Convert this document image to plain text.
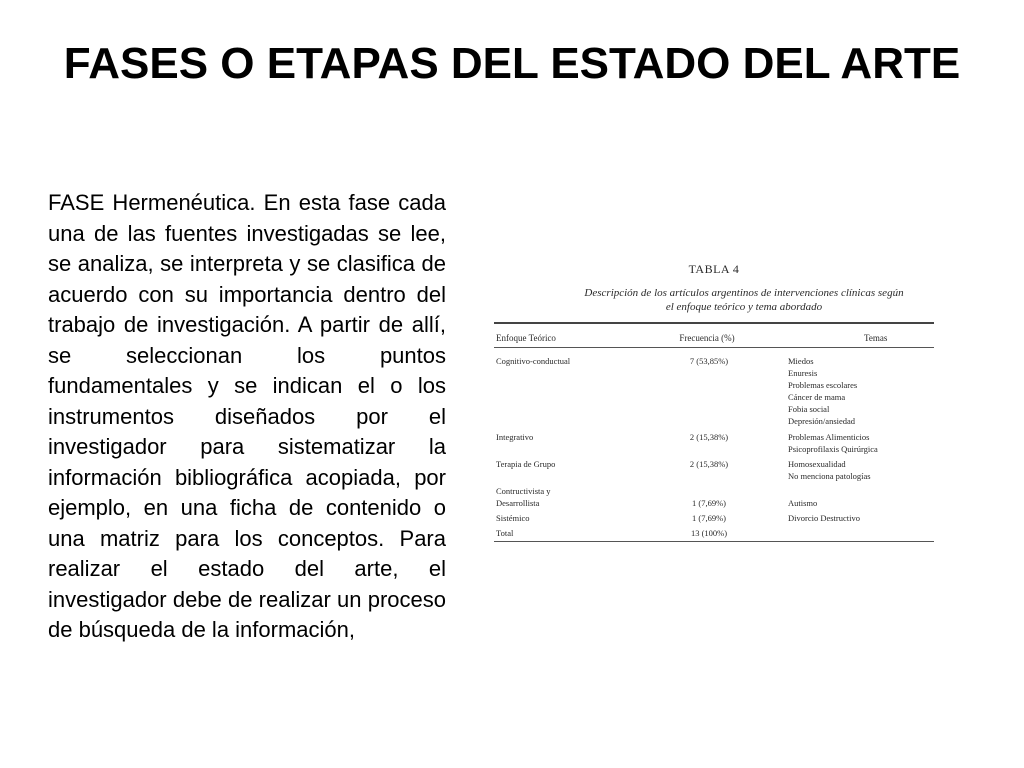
FASES O ETAPAS DEL ESTADO DEL ARTE

FASE Hermenéutica. En esta fase cada una de las fuentes investigadas se lee, se analiza, se interpreta y se clasifica de acuerdo con su importancia dentro del trabajo de investigación. A partir de allí, se seleccionan los puntos fundamentales y se indican el o los instrumentos diseñados por el investigador para sistematizar la información bibliográfica acopiada, por ejemplo, en una ficha de contenido o una matriz para los conceptos. Para realizar el estado del arte, el investigador debe de realizar un proceso de búsqueda de la información,

TABLA 4
Descripción de los artículos argentinos de intervenciones clínicas según
el enfoque teórico y tema abordado
Enfoque Teórico	Frecuencia (%)	Temas
Cognitivo-conductual	7 (53,85%)	Miedos
Enuresis
Problemas escolares
Cáncer de mama
Fobia social
Depresión/ansiedad
Integrativo	2 (15,38%)	Problemas Alimenticios
Psicoprofilaxis Quirúrgica
Terapia de Grupo	2 (15,38%)	Homosexualidad
No menciona patologías
Contructivista y
Desarrollista	1 (7,69%)	Autismo
Sistémico	1 (7,69%)	Divorcio Destructivo
Total	13 (100%)
